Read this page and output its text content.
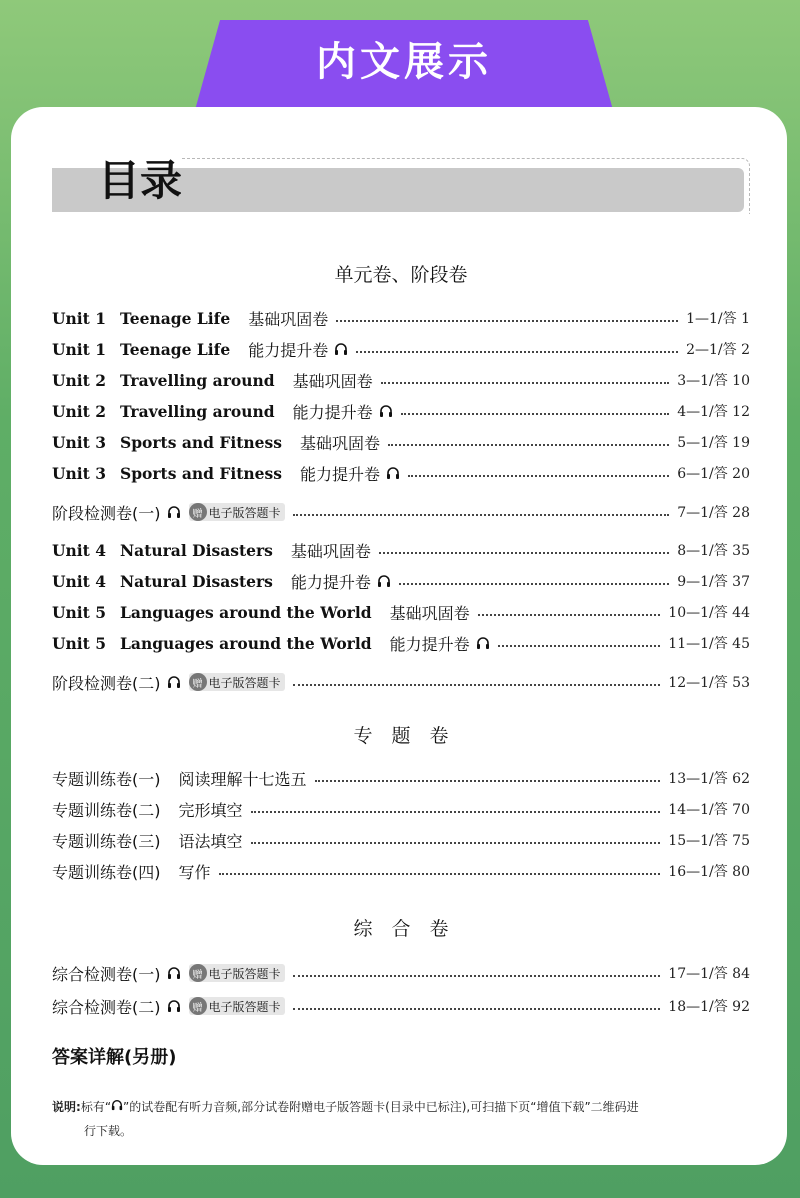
内文展示
目录
单元卷、阶段卷
Unit 1 Teenage Life 基础巩固卷	1—1/答 1
Unit 1 Teenage Life 能力提升卷	2—1/答 2
Unit 2 Travelling around 基础巩固卷	3—1/答 10
Unit 2 Travelling around 能力提升卷	4—1/答 12
Unit 3 Sports and Fitness 基础巩固卷	5—1/答 19
Unit 3 Sports and Fitness 能力提升卷	6—1/答 20
阶段检测卷(一)	赠 电子版答题卡	7—1/答 28
Unit 4 Natural Disasters 基础巩固卷	8—1/答 35
Unit 4 Natural Disasters 能力提升卷	9—1/答 37
Unit 5 Languages around the World 基础巩固卷	10—1/答 44
Unit 5 Languages around the World 能力提升卷	11—1/答 45
阶段检测卷(二)	赠 电子版答题卡	12—1/答 53
专　题　卷
专题训练卷(一) 阅读理解十七选五	13—1/答 62
专题训练卷(二) 完形填空	14—1/答 70
专题训练卷(三) 语法填空	15—1/答 75
专题训练卷(四) 写作	16—1/答 80
综　合　卷
综合检测卷(一)	赠 电子版答题卡	17—1/答 84
综合检测卷(二)	赠 电子版答题卡	18—1/答 92
答案详解(另册)
说明:标有“ ”的试卷配有听力音频,部分试卷附赠电子版答题卡(目录中已标注),可扫描下页“增值下载”二维码进
行下载。
